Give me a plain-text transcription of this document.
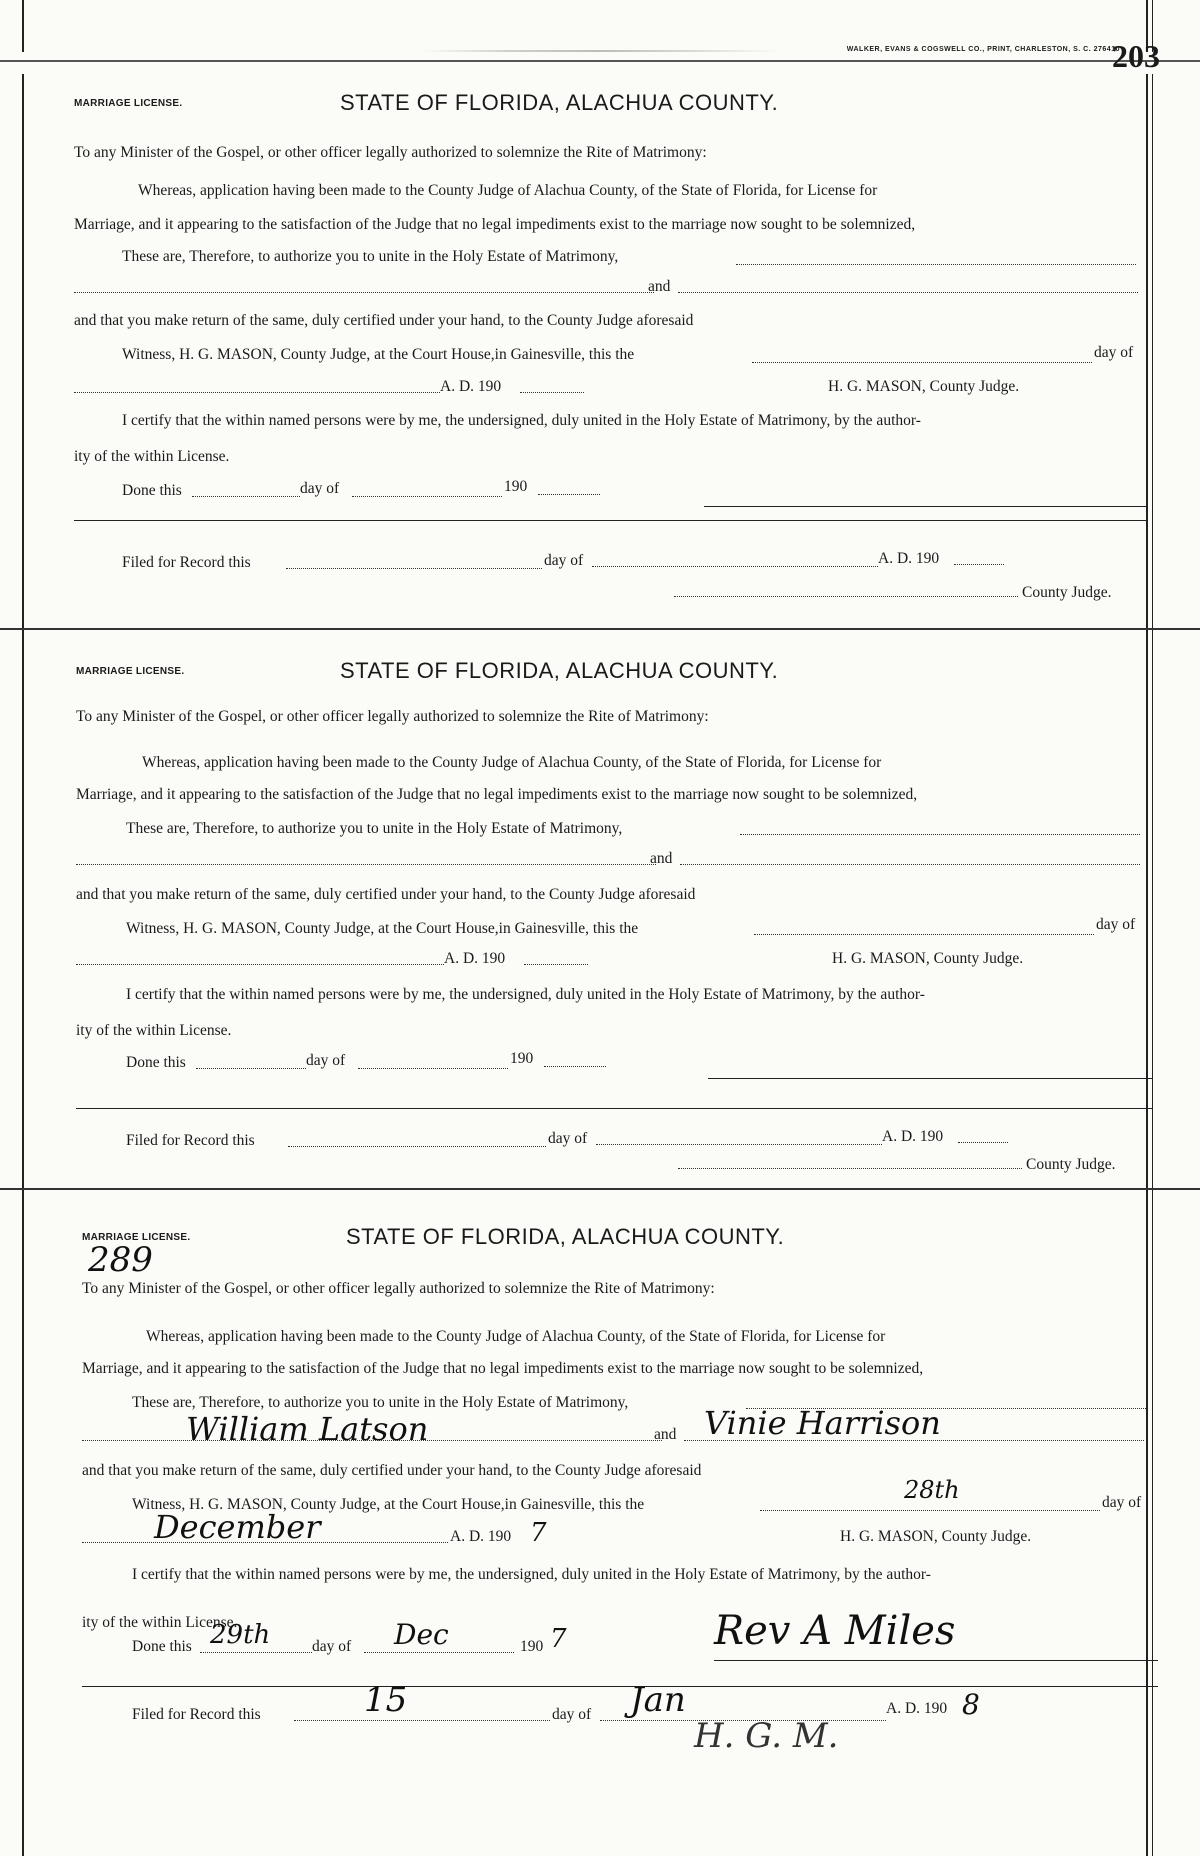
WALKER, EVANS & COGSWELL CO., PRINT, CHARLESTON, S. C. 276410
203
MARRIAGE LICENSE.	STATE OF FLORIDA, ALACHUA COUNTY.
To any Minister of the Gospel, or other officer legally authorized to solemnize the Rite of Matrimony:
Whereas, application having been made to the County Judge of Alachua County, of the State of Florida, for License for
Marriage, and it appearing to the satisfaction of the Judge that no legal impediments exist to the marriage now sought to be solemnized,
These are, Therefore, to authorize you to unite in the Holy Estate of Matrimony,
and
and that you make return of the same, duly certified under your hand, to the County Judge aforesaid
Witness, H. G. MASON, County Judge, at the Court House,in Gainesville, this the	day of
A. D. 190	H. G. MASON, County Judge.
I certify that the within named persons were by me, the undersigned, duly united in the Holy Estate of Matrimony, by the author-
ity of the within License.
Done this	day of	190
Filed for Record this	day of	A. D. 190
County Judge.
MARRIAGE LICENSE.	STATE OF FLORIDA, ALACHUA COUNTY.
To any Minister of the Gospel, or other officer legally authorized to solemnize the Rite of Matrimony:
Whereas, application having been made to the County Judge of Alachua County, of the State of Florida, for License for
Marriage, and it appearing to the satisfaction of the Judge that no legal impediments exist to the marriage now sought to be solemnized,
These are, Therefore, to authorize you to unite in the Holy Estate of Matrimony,
and
and that you make return of the same, duly certified under your hand, to the County Judge aforesaid
Witness, H. G. MASON, County Judge, at the Court House,in Gainesville, this the	day of
A. D. 190	H. G. MASON, County Judge.
I certify that the within named persons were by me, the undersigned, duly united in the Holy Estate of Matrimony, by the author-
ity of the within License.
Done this	day of	190
Filed for Record this	day of	A. D. 190
County Judge.
MARRIAGE LICENSE.
289
STATE OF FLORIDA, ALACHUA COUNTY.
To any Minister of the Gospel, or other officer legally authorized to solemnize the Rite of Matrimony:
Whereas, application having been made to the County Judge of Alachua County, of the State of Florida, for License for
Marriage, and it appearing to the satisfaction of the Judge that no legal impediments exist to the marriage now sought to be solemnized,
These are, Therefore, to authorize you to unite in the Holy Estate of Matrimony,
William Latson	and Vinie Harrison
and that you make return of the same, duly certified under your hand, to the County Judge aforesaid
Witness, H. G. MASON, County Judge, at the Court House,in Gainesville, this the
28th	day of
December	A. D. 190 7	H. G. MASON, County Judge.
I certify that the within named persons were by me, the undersigned, duly united in the Holy Estate of Matrimony, by the author-
ity of the within License.
Done this 29th	day of Dec	190 7	Rev A Miles
Filed for Record this	15	day of Jan	A. D. 190 8
H. G. M.
